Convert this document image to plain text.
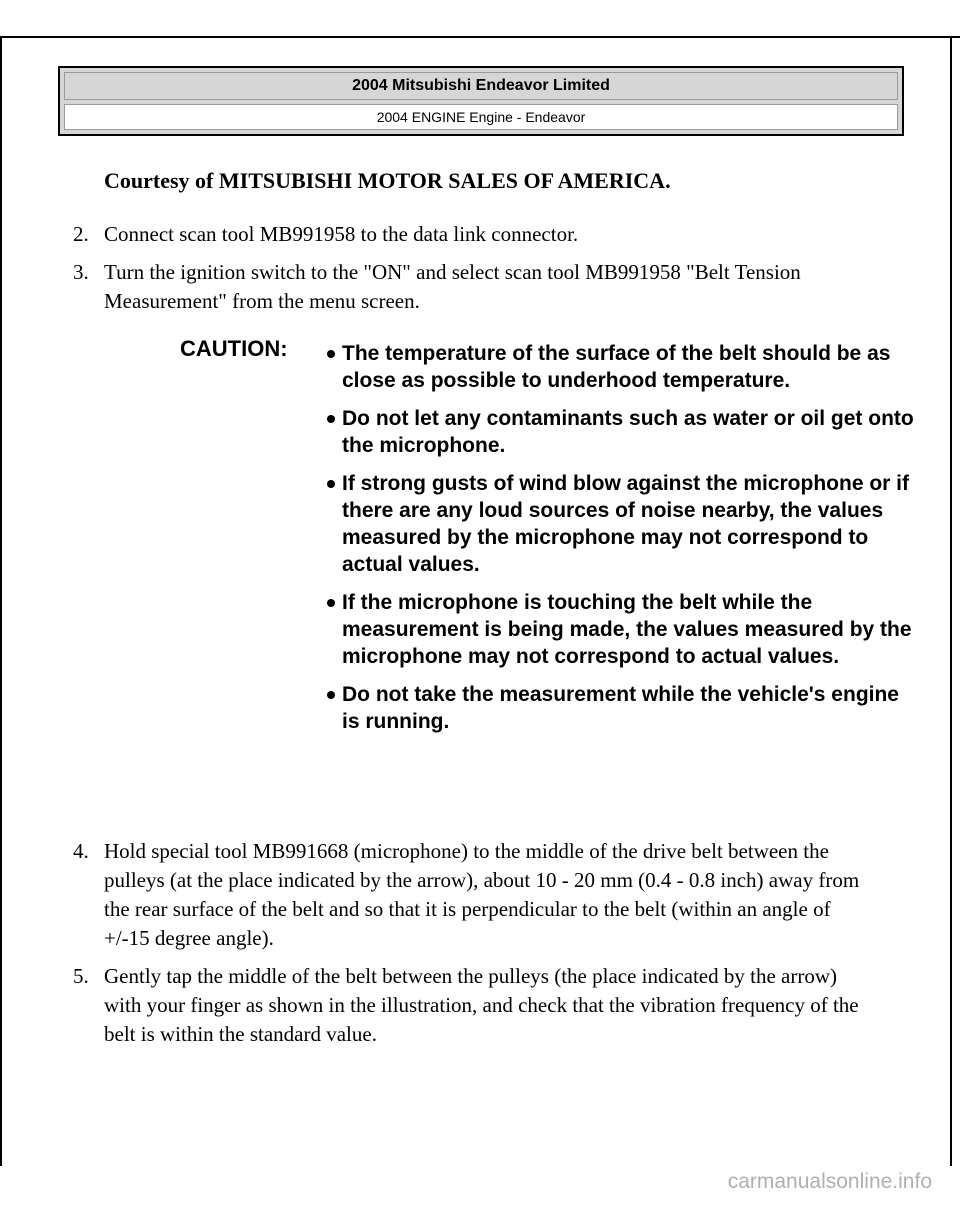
2004 Mitsubishi Endeavor Limited
2004 ENGINE Engine - Endeavor
Courtesy of MITSUBISHI MOTOR SALES OF AMERICA.
2. Connect scan tool MB991958 to the data link connector.
3. Turn the ignition switch to the "ON" and select scan tool MB991958 "Belt Tension Measurement" from the menu screen.
CAUTION:	The temperature of the surface of the belt should be as close as possible to underhood temperature.
Do not let any contaminants such as water or oil get onto the microphone.
If strong gusts of wind blow against the microphone or if there are any loud sources of noise nearby, the values measured by the microphone may not correspond to actual values.
If the microphone is touching the belt while the measurement is being made, the values measured by the microphone may not correspond to actual values.
Do not take the measurement while the vehicle's engine is running.
4. Hold special tool MB991668 (microphone) to the middle of the drive belt between the pulleys (at the place indicated by the arrow), about 10 - 20 mm (0.4 - 0.8 inch) away from the rear surface of the belt and so that it is perpendicular to the belt (within an angle of +/-15 degree angle).
5. Gently tap the middle of the belt between the pulleys (the place indicated by the arrow) with your finger as shown in the illustration, and check that the vibration frequency of the belt is within the standard value.
carmanualsonline.info
